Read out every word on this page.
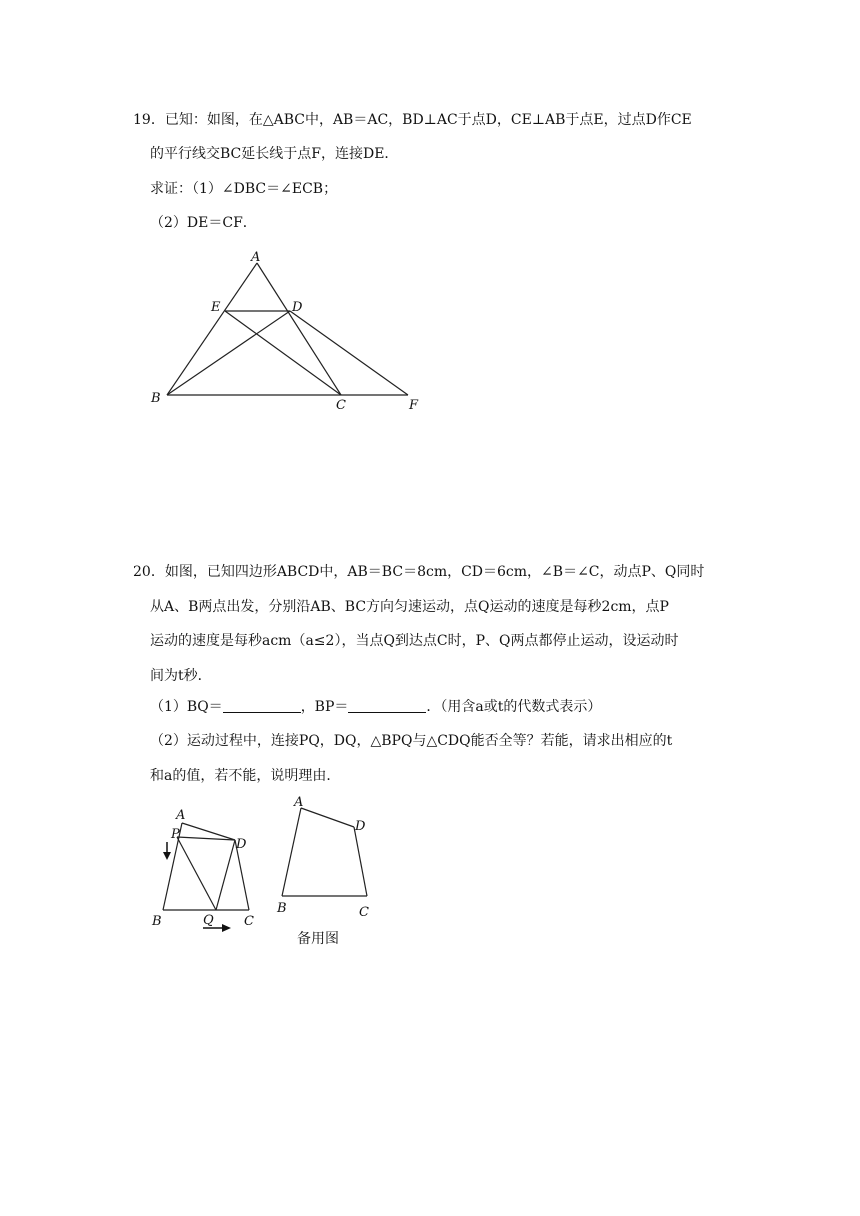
19．已知：如图，在△ABC中，AB＝AC，BD⊥AC于点D，CE⊥AB于点E，过点D作CE
的平行线交BC延长线于点F，连接DE．
求证：（1）∠DBC＝∠ECB；
（2）DE＝CF．
A
E	D
B	C	F
20．如图，已知四边形ABCD中，AB＝BC＝8cm，CD＝6cm，∠B＝∠C，动点P、Q同时
从A、B两点出发，分别沿AB、BC方向匀速运动，点Q运动的速度是每秒2cm，点P
运动的速度是每秒acm（a≤2），当点Q到达点C时，P、Q两点都停止运动，设运动时
间为t秒．
（1）BQ＝	，BP＝	．（用含a或t的代数式表示）
（2）运动过程中，连接PQ，DQ，△BPQ与△CDQ能否全等？若能，请求出相应的t
和a的值，若不能，说明理由．
A
P
D
B	Q C
A
D
B	C
备用图
